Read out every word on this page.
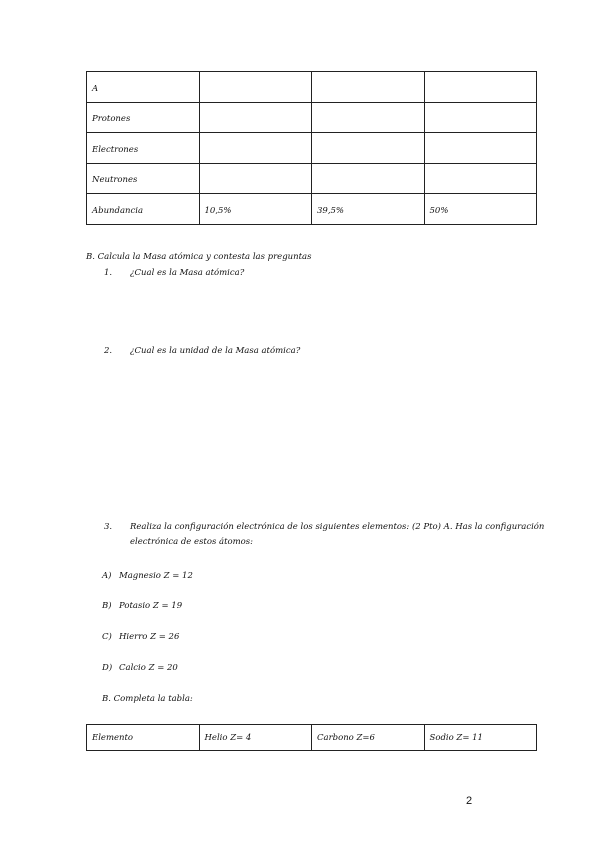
A			
Protones			
Electrones			
Neutrones			
Abundancia	10,5%	39,5%	50%
B. Calcula la Masa atómica y contesta las preguntas
1. ¿Cual es la Masa atómica?
2. ¿Cual es la unidad de la Masa atómica?
3. Realiza la configuración electrónica de los siguientes elementos: (2 Pto) A. Has la configuración
electrónica de estos átomos:
A) Magnesio Z = 12
B) Potasio Z = 19
C) Hierro Z = 26
D) Calcio Z = 20
B. Completa la tabla:
Elemento	Helio Z= 4	Carbono Z=6	Sodio Z= 11
2
